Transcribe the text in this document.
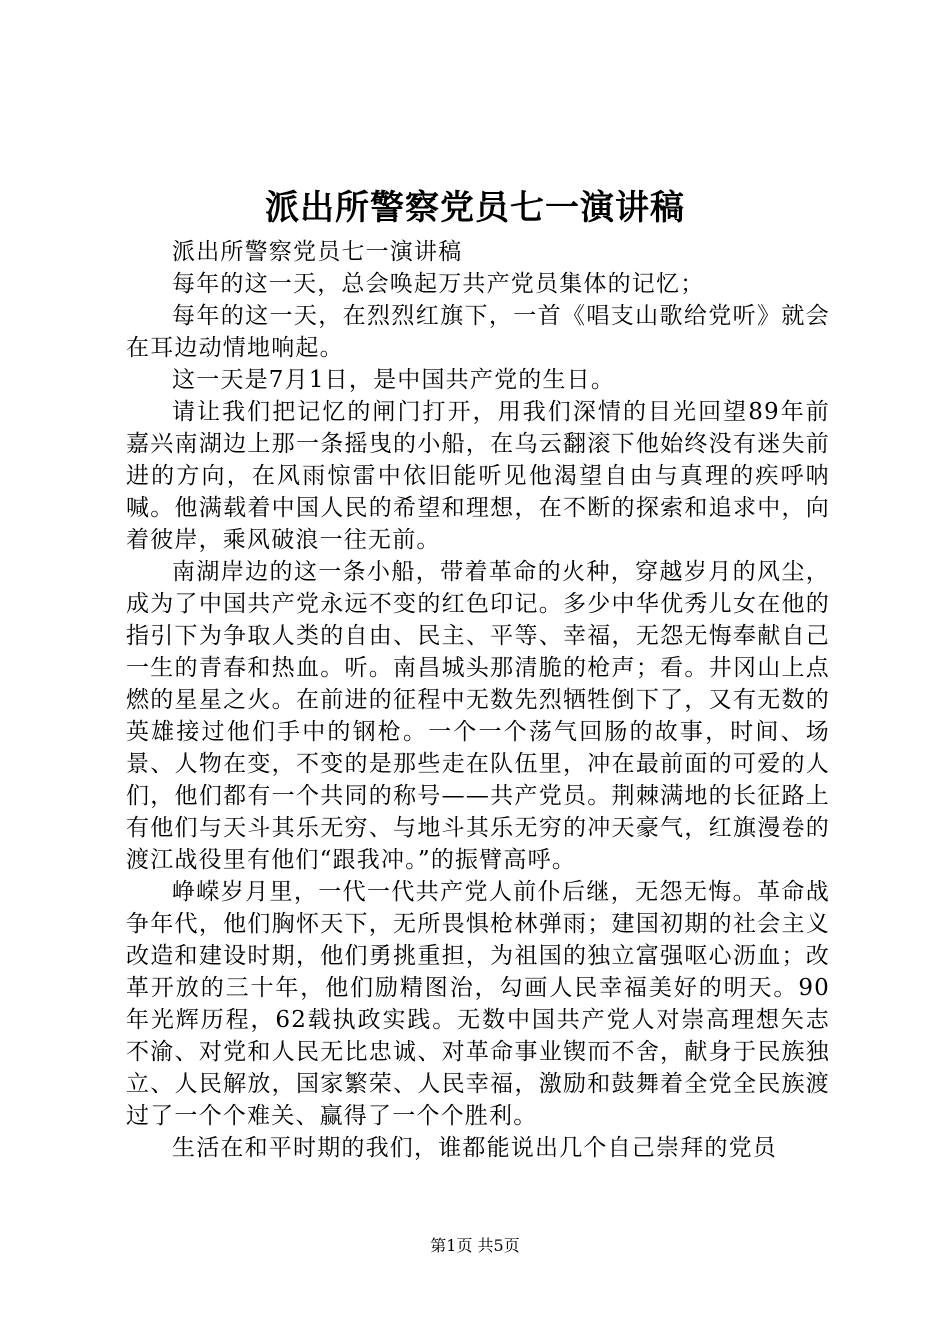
派出所警察党员七一演讲稿

派出所警察党员七一演讲稿

每年的这一天，总会唤起万共产党员集体的记忆；

每年的这一天，在烈烈红旗下，一首《唱支山歌给党听》就会在耳边动情地响起。

这一天是7月1日，是中国共产党的生日。

请让我们把记忆的闸门打开，用我们深情的目光回望89年前嘉兴南湖边上那一条摇曳的小船，在乌云翻滚下他始终没有迷失前进的方向，在风雨惊雷中依旧能听见他渴望自由与真理的疾呼呐喊。他满载着中国人民的希望和理想，在不断的探索和追求中，向着彼岸，乘风破浪一往无前。

南湖岸边的这一条小船，带着革命的火种，穿越岁月的风尘，成为了中国共产党永远不变的红色印记。多少中华优秀儿女在他的指引下为争取人类的自由、民主、平等、幸福，无怨无悔奉献自己一生的青春和热血。听。南昌城头那清脆的枪声；看。井冈山上点燃的星星之火。在前进的征程中无数先烈牺牲倒下了，又有无数的英雄接过他们手中的钢枪。一个一个荡气回肠的故事，时间、场景、人物在变，不变的是那些走在队伍里，冲在最前面的可爱的人们，他们都有一个共同的称号——共产党员。荆棘满地的长征路上有他们与天斗其乐无穷、与地斗其乐无穷的冲天豪气，红旗漫卷的渡江战役里有他们“跟我冲。”的振臂高呼。

峥嵘岁月里，一代一代共产党人前仆后继，无怨无悔。革命战争年代，他们胸怀天下，无所畏惧枪林弹雨；建国初期的社会主义改造和建设时期，他们勇挑重担，为祖国的独立富强呕心沥血；改革开放的三十年，他们励精图治，勾画人民幸福美好的明天。90年光辉历程，62载执政实践。无数中国共产党人对崇高理想矢志不渝、对党和人民无比忠诚、对革命事业锲而不舍，献身于民族独立、人民解放，国家繁荣、人民幸福，激励和鼓舞着全党全民族渡过了一个个难关、赢得了一个个胜利。

生活在和平时期的我们，谁都能说出几个自己崇拜的党员

第1页 共5页
